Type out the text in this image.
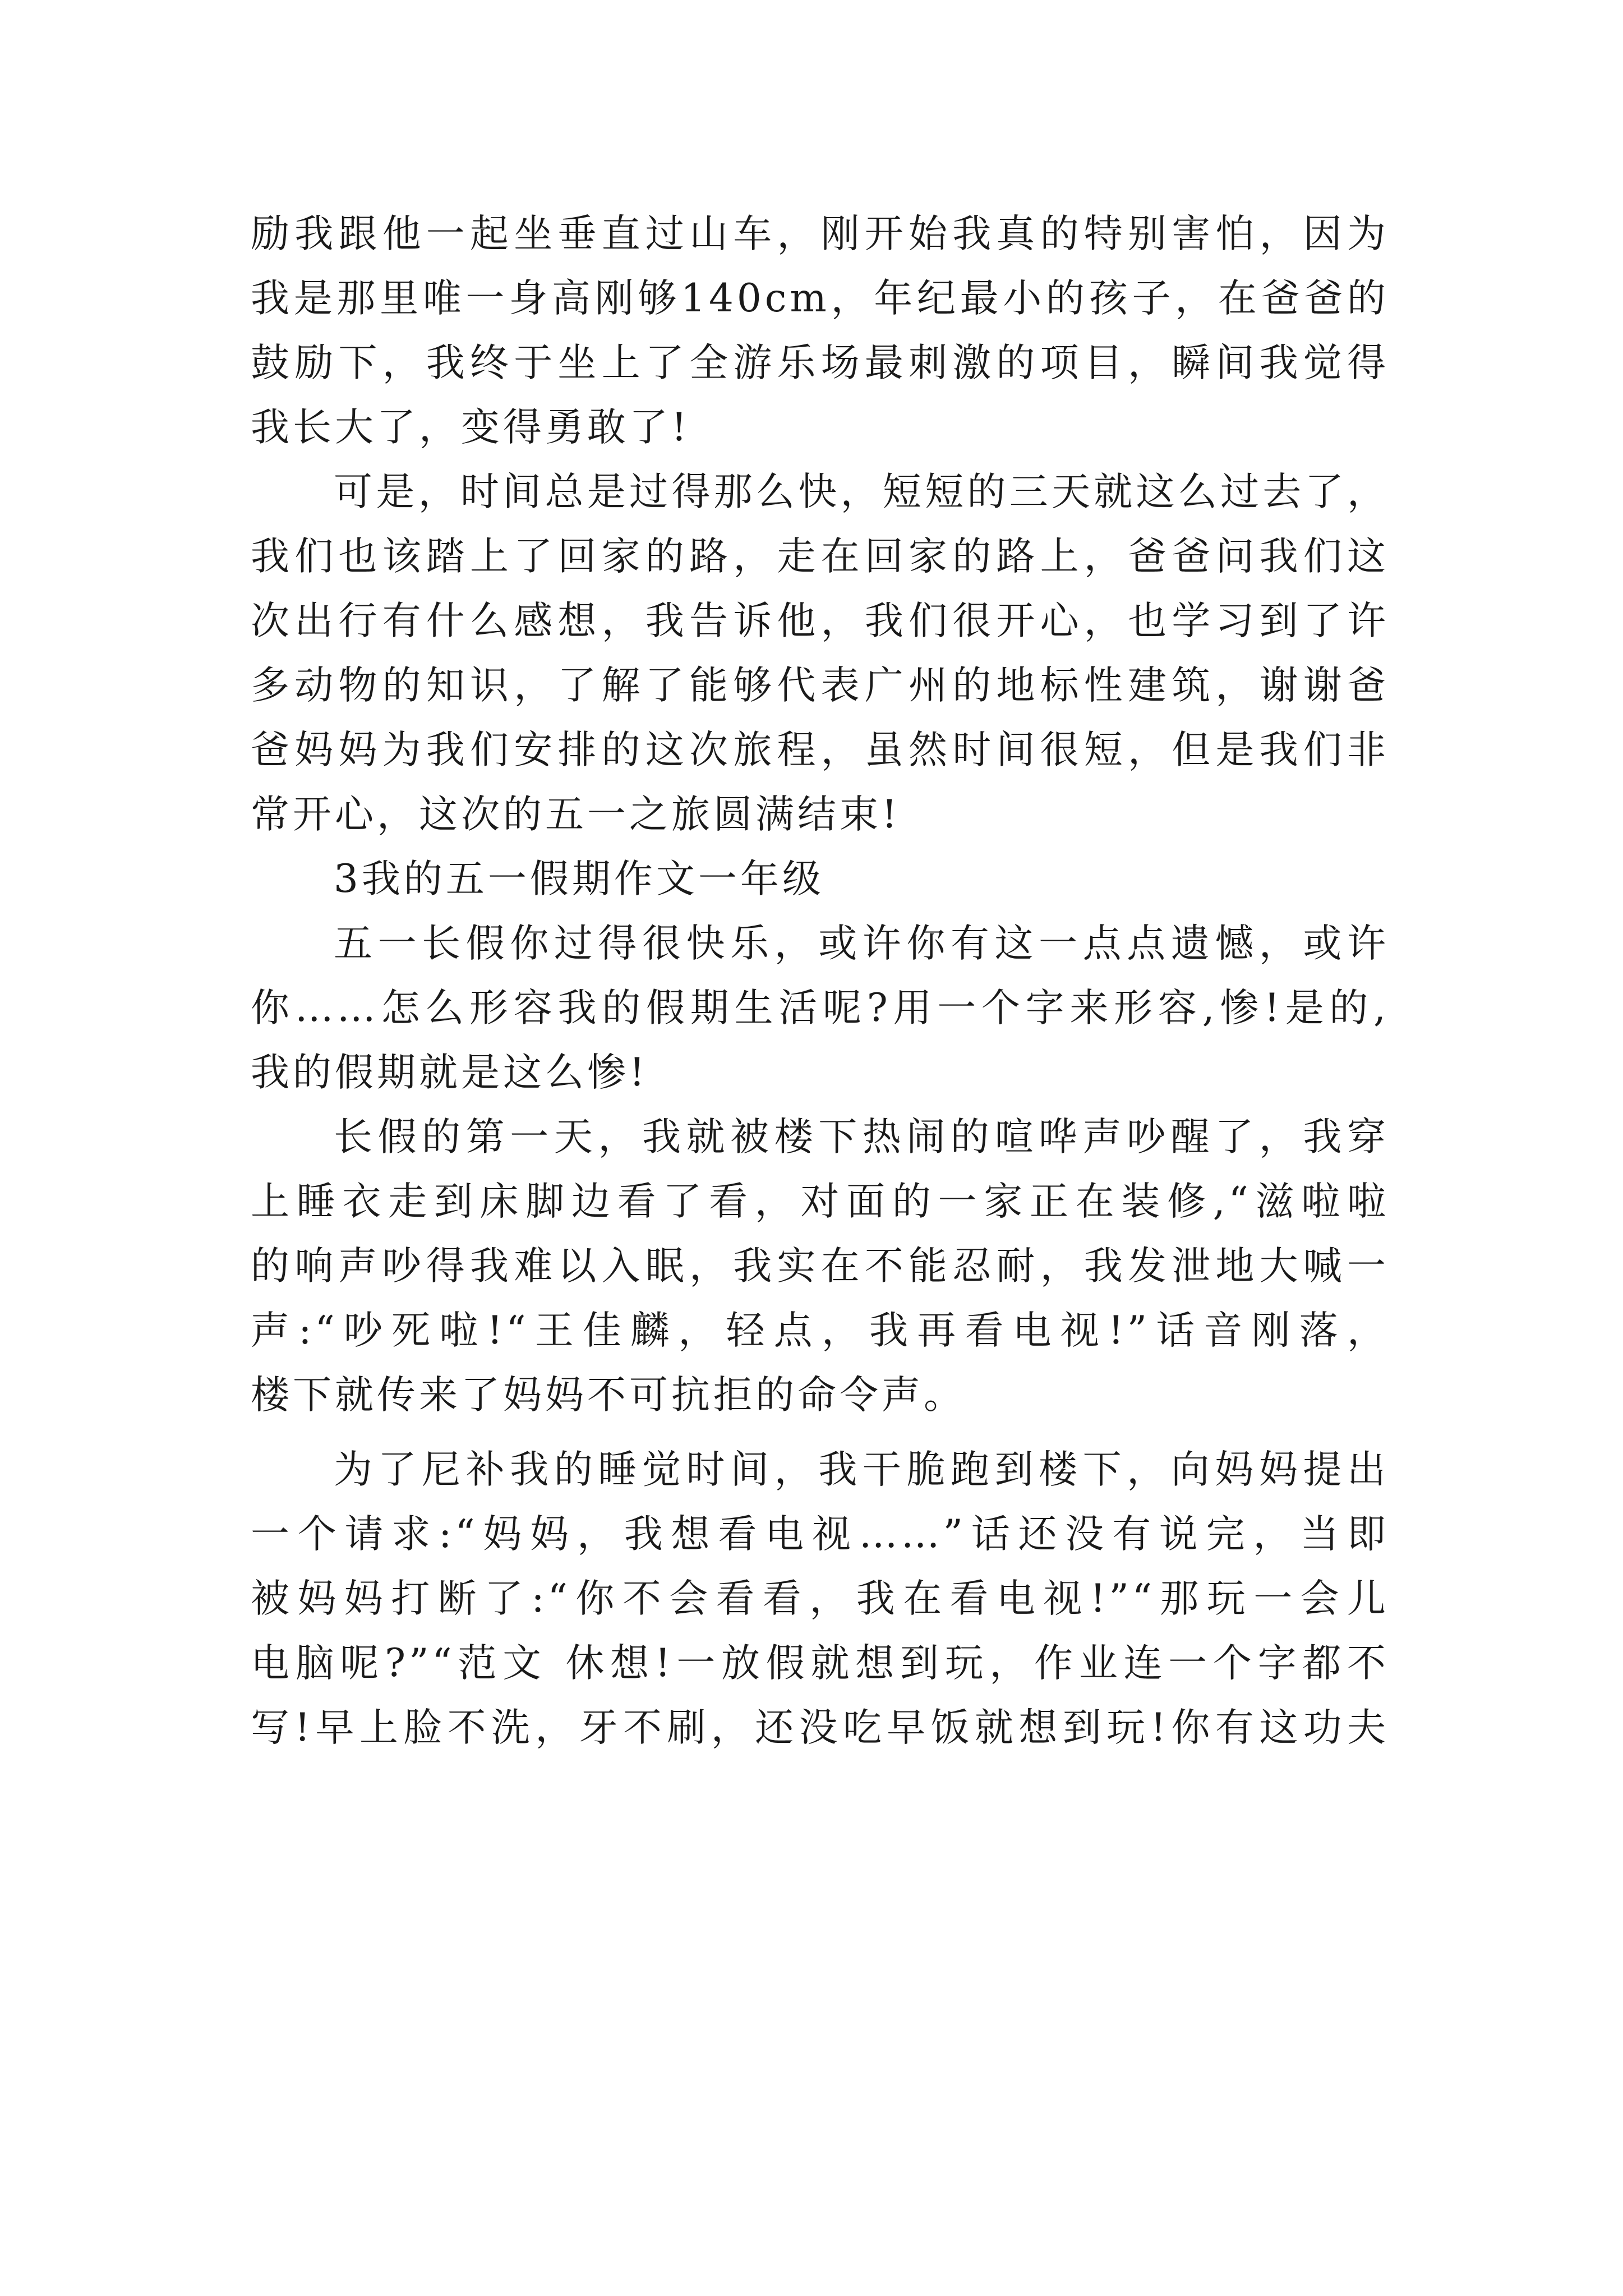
励我跟他一起坐垂直过山车，刚开始我真的特别害怕，因为
我是那里唯一身高刚够140cm，年纪最小的孩子，在爸爸的
鼓励下，我终于坐上了全游乐场最刺激的项目，瞬间我觉得
我长大了，变得勇敢了!
可是，时间总是过得那么快，短短的三天就这么过去了，
我们也该踏上了回家的路，走在回家的路上，爸爸问我们这
次出行有什么感想，我告诉他，我们很开心，也学习到了许
多动物的知识，了解了能够代表广州的地标性建筑，谢谢爸
爸妈妈为我们安排的这次旅程，虽然时间很短，但是我们非
常开心，这次的五一之旅圆满结束!
3我的五一假期作文一年级
五一长假你过得很快乐，或许你有这一点点遗憾，或许
你……怎么形容我的假期生活呢?用一个字来形容,惨!是的,
我的假期就是这么惨!
长假的第一天，我就被楼下热闹的喧哗声吵醒了，我穿
上睡衣走到床脚边看了看，对面的一家正在装修,“滋啦啦
的响声吵得我难以入眠，我实在不能忍耐，我发泄地大喊一
声:“吵死啦!“王佳麟，轻点，我再看电视!”话音刚落，
楼下就传来了妈妈不可抗拒的命令声。
为了尼补我的睡觉时间，我干脆跑到楼下，向妈妈提出
一个请求:“妈妈，我想看电视……”话还没有说完，当即
被妈妈打断了:“你不会看看，我在看电视!”“那玩一会儿
电脑呢?”“范文 休想!一放假就想到玩，作业连一个字都不
写!早上脸不洗，牙不刷，还没吃早饭就想到玩!你有这功夫
